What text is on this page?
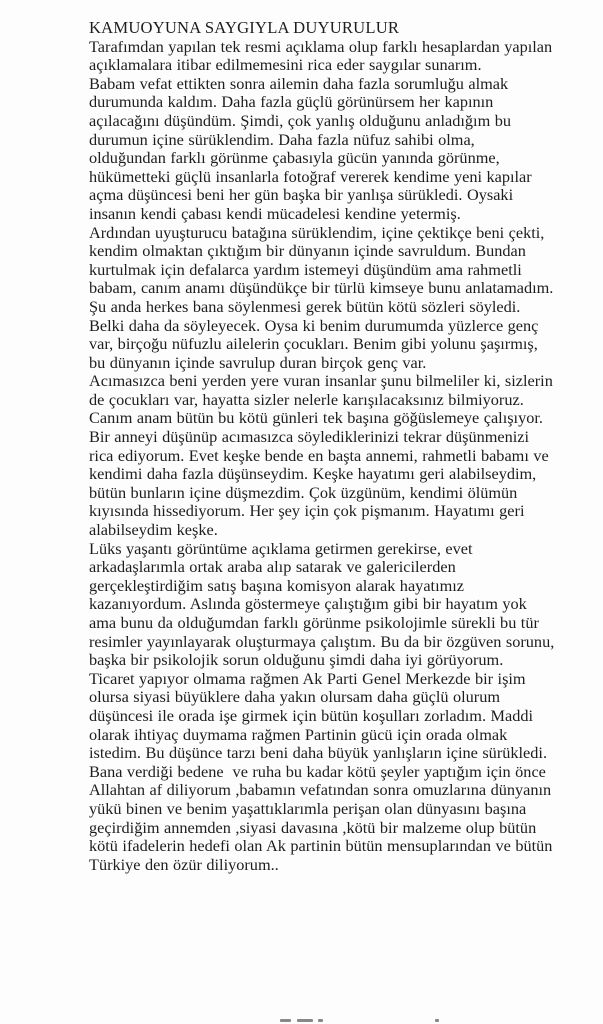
KAMUOYUNA SAYGIYLA DUYURULUR

Tarafımdan yapılan tek resmi açıklama olup farklı hesaplardan yapılan açıklamalara itibar edilmemesini rica eder saygılar sunarım.

Babam vefat ettikten sonra ailemin daha fazla sorumluğu almak durumunda kaldım. Daha fazla güçlü görünürsem her kapının açılacağını düşündüm. Şimdi, çok yanlış olduğunu anladığım bu durumun içine sürüklendim. Daha fazla nüfuz sahibi olma, olduğundan farklı görünme çabasıyla gücün yanında görünme, hükümetteki güçlü insanlarla fotoğraf vererek kendime yeni kapılar açma düşüncesi beni her gün başka bir yanlışa sürükledi. Oysaki insanın kendi çabası kendi mücadelesi kendine yetermiş.

Ardından uyuşturucu batağına sürüklendim, içine çektikçe beni çekti, kendim olmaktan çıktığım bir dünyanın içinde savruldum. Bundan kurtulmak için defalarca yardım istemeyi düşündüm ama rahmetli babam, canım anamı düşündükçe bir türlü kimseye bunu anlatamadım.

Şu anda herkes bana söylenmesi gerek bütün kötü sözleri söyledi. Belki daha da söyleyecek. Oysa ki benim durumumda yüzlerce genç var, birçoğu nüfuzlu ailelerin çocukları. Benim gibi yolunu şaşırmış, bu dünyanın içinde savrulup duran birçok genç var.

Acımasızca beni yerden yere vuran insanlar şunu bilmeliler ki, sizlerin de çocukları var, hayatta sizler nelerle karışılacaksınız bilmiyoruz. Canım anam bütün bu kötü günleri tek başına göğüslemeye çalışıyor. Bir anneyi düşünüp acımasızca söylediklerinizi tekrar düşünmenizi rica ediyorum. Evet keşke bende en başta annemi, rahmetli babamı ve kendimi daha fazla düşünseydim. Keşke hayatımı geri alabilseydim, bütün bunların içine düşmezdim. Çok üzgünüm, kendimi ölümün kıyısında hissediyorum. Her şey için çok pişmanım. Hayatımı geri alabilseydim keşke.

Lüks yaşantı görüntüme açıklama getirmen gerekirse, evet arkadaşlarımla ortak araba alıp satarak ve galericilerden gerçekleştirdiğim satış başına komisyon alarak hayatımız kazanıyordum. Aslında göstermeye çalıştığım gibi bir hayatım yok ama bunu da olduğumdan farklı görünme psikolojimle sürekli bu tür resimler yayınlayarak oluşturmaya çalıştım. Bu da bir özgüven sorunu, başka bir psikolojik sorun olduğunu şimdi daha iyi görüyorum.

Ticaret yapıyor olmama rağmen Ak Parti Genel Merkezde bir işim olursa siyasi büyüklere daha yakın olursam daha güçlü olurum düşüncesi ile orada işe girmek için bütün koşulları zorladım. Maddi olarak ihtiyaç duymama rağmen Partinin gücü için orada olmak istedim. Bu düşünce tarzı beni daha büyük yanlışların içine sürükledi.

Bana verdiği bedene  ve ruha bu kadar kötü şeyler yaptığım için önce Allahtan af diliyorum ,babamın vefatından sonra omuzlarına dünyanın yükü binen ve benim yaşattıklarımla perişan olan dünyasını başına geçirdiğim annemden ,siyasi davasına ,kötü bir malzeme olup bütün kötü ifadelerin hedefi olan Ak partinin bütün mensuplarından ve bütün Türkiye den özür diliyorum..
